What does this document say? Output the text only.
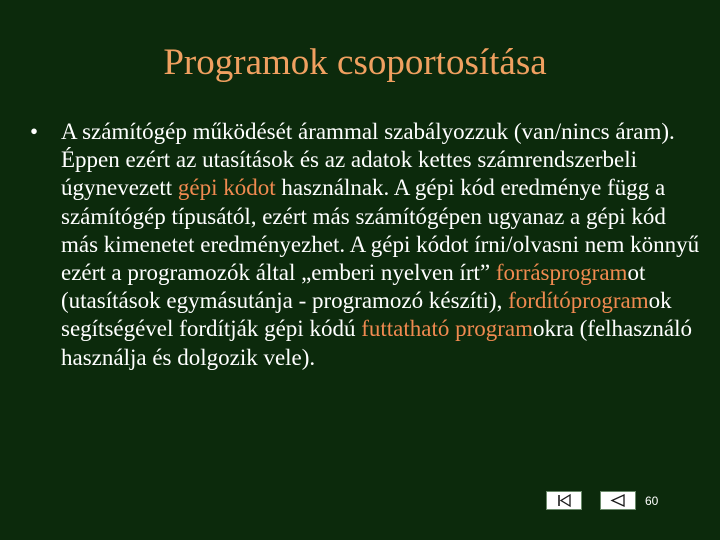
Programok csoportosítása
• A számítógép működését árammal szabályozzuk (van/nincs áram). Éppen ezért az utasítások és az adatok kettes számrendszerbeli úgynevezett gépi kódot használnak. A gépi kód eredménye függ a számítógép típusától, ezért más számítógépen ugyanaz a gépi kód más kimenetet eredményezhet. A gépi kódot írni/olvasni nem könnyű ezért a programozók által „emberi nyelven írt” forrásprogramot (utasítások egymásutánja - programozó készíti), fordítóprogramok segítségével fordítják gépi kódú futtatható programokra (felhasználó használja és dolgozik vele).

60
